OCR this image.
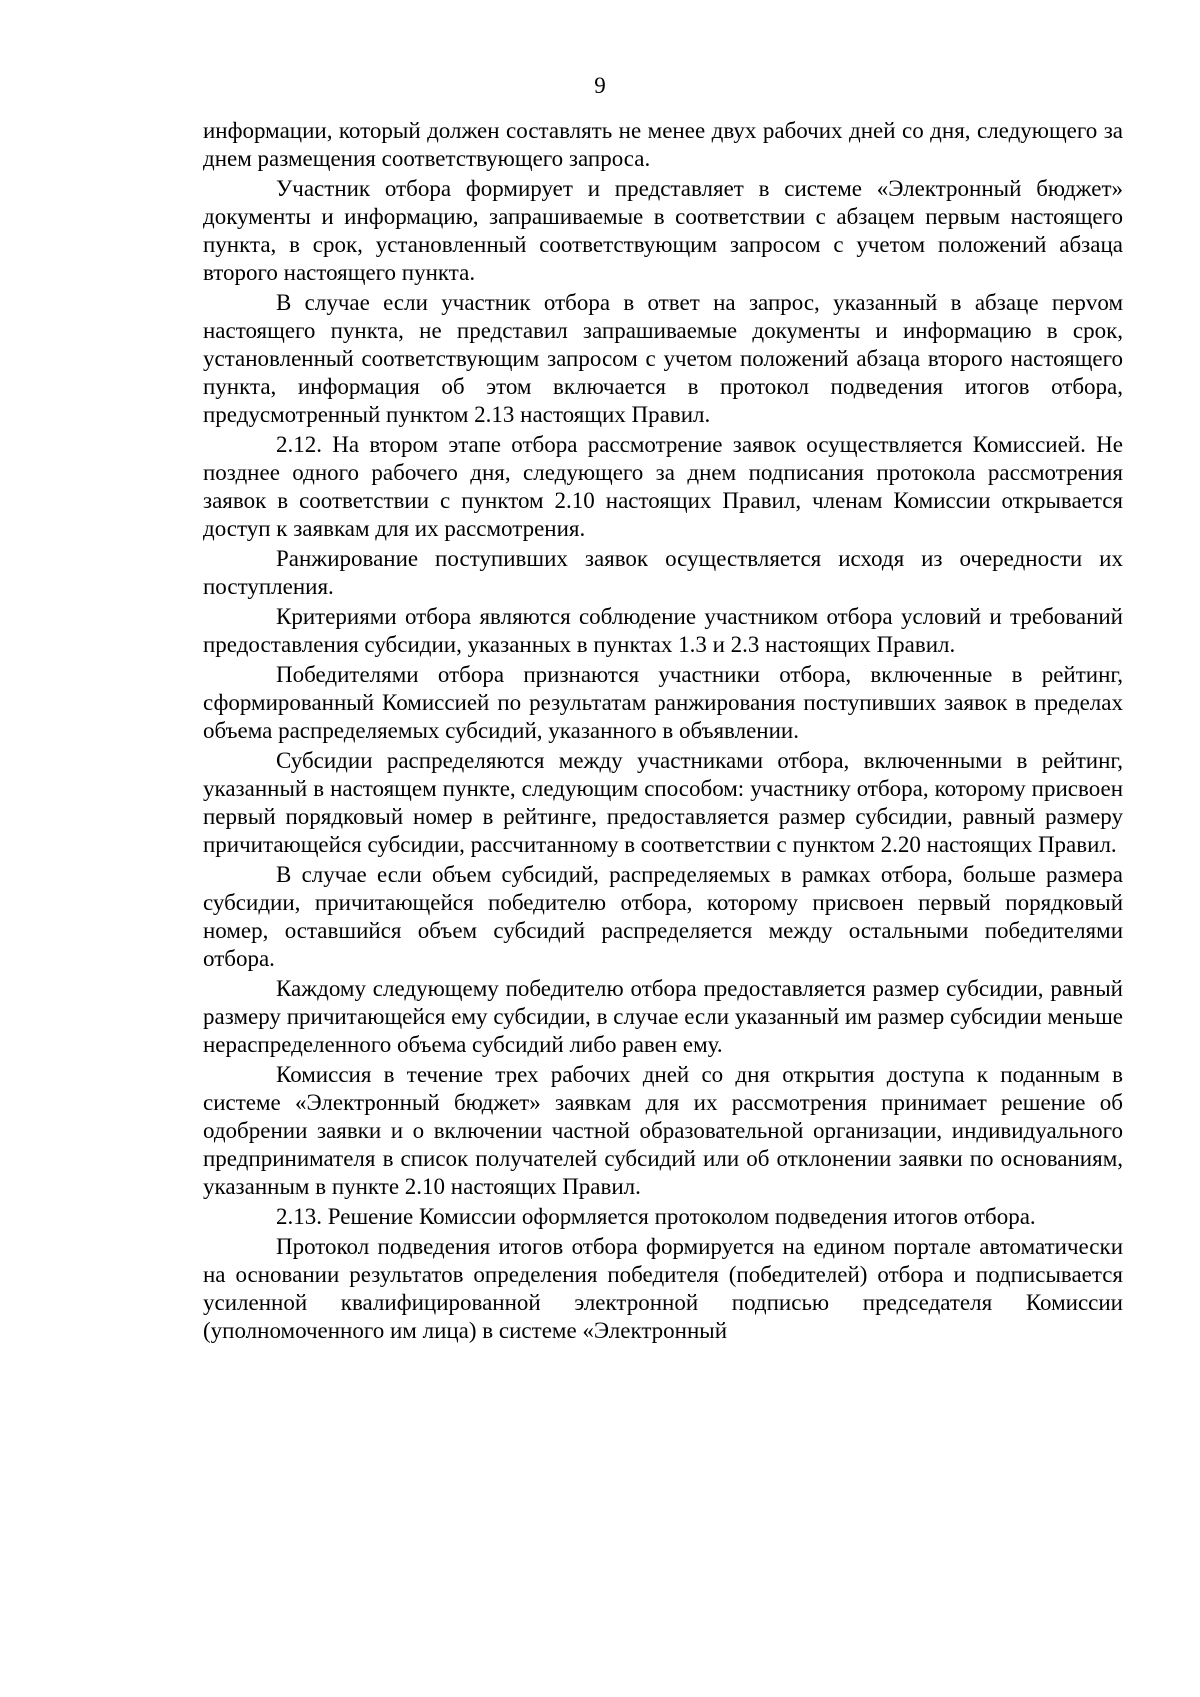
9

информации, который должен составлять не менее двух рабочих дней со дня, следующего за днем размещения соответствующего запроса.

Участник отбора формирует и представляет в системе «Электронный бюджет» документы и информацию, запрашиваемые в соответствии с абзацем первым настоящего пункта, в срок, установленный соответствующим запросом с учетом положений абзаца второго настоящего пункта.

В случае если участник отбора в ответ на запрос, указанный в абзаце перvом настоящего пункта, не представил запрашиваемые документы и информацию в срок, установленный соответствующим запросом с учетом положений абзаца второго настоящего пункта, информация об этом включается в протокол подведения итогов отбора, предусмотренный пунктом 2.13 настоящих Правил.

2.12. На втором этапе отбора рассмотрение заявок осуществляется Комиссией. Не позднее одного рабочего дня, следующего за днем подписания протокола рассмотрения заявок в соответствии с пунктом 2.10 настоящих Правил, членам Комиссии открывается доступ к заявкам для их рассмотрения.

Ранжирование поступивших заявок осуществляется исходя из очередности их поступления.

Критериями отбора являются соблюдение участником отбора условий и требований предоставления субсидии, указанных в пунктах 1.3 и 2.3 настоящих Правил.

Победителями отбора признаются участники отбора, включенные в рейтинг, сформированный Комиссией по результатам ранжирования поступивших заявок в пределах объема распределяемых субсидий, указанного в объявлении.

Субсидии распределяются между участниками отбора, включенными в рейтинг, указанный в настоящем пункте, следующим способом: участнику отбора, которому присвоен первый порядковый номер в рейтинге, предоставляется размер субсидии, равный размеру причитающейся субсидии, рассчитанному в соответствии с пунктом 2.20 настоящих Правил.

В случае если объем субсидий, распределяемых в рамках отбора, больше размера субсидии, причитающейся победителю отбора, которому присвоен первый порядковый номер, оставшийся объем субсидий распределяется между остальными победителями отбора.

Каждому следующему победителю отбора предоставляется размер субсидии, равный размеру причитающейся ему субсидии, в случае если указанный им размер субсидии меньше нераспределенного объема субсидий либо равен ему.

Комиссия в течение трех рабочих дней со дня открытия доступа к поданным в системе «Электронный бюджет» заявкам для их рассмотрения принимает решение об одобрении заявки и о включении частной образовательной организации, индивидуального предпринимателя в список получателей субсидий или об отклонении заявки по основаниям, указанным в пункте 2.10 настоящих Правил.

2.13. Решение Комиссии оформляется протоколом подведения итогов отбора.

Протокол подведения итогов отбора формируется на едином портале автоматически на основании результатов определения победителя (победителей) отбора и подписывается усиленной квалифицированной электронной подписью председателя Комиссии (уполномоченного им лица) в системе «Электронный
